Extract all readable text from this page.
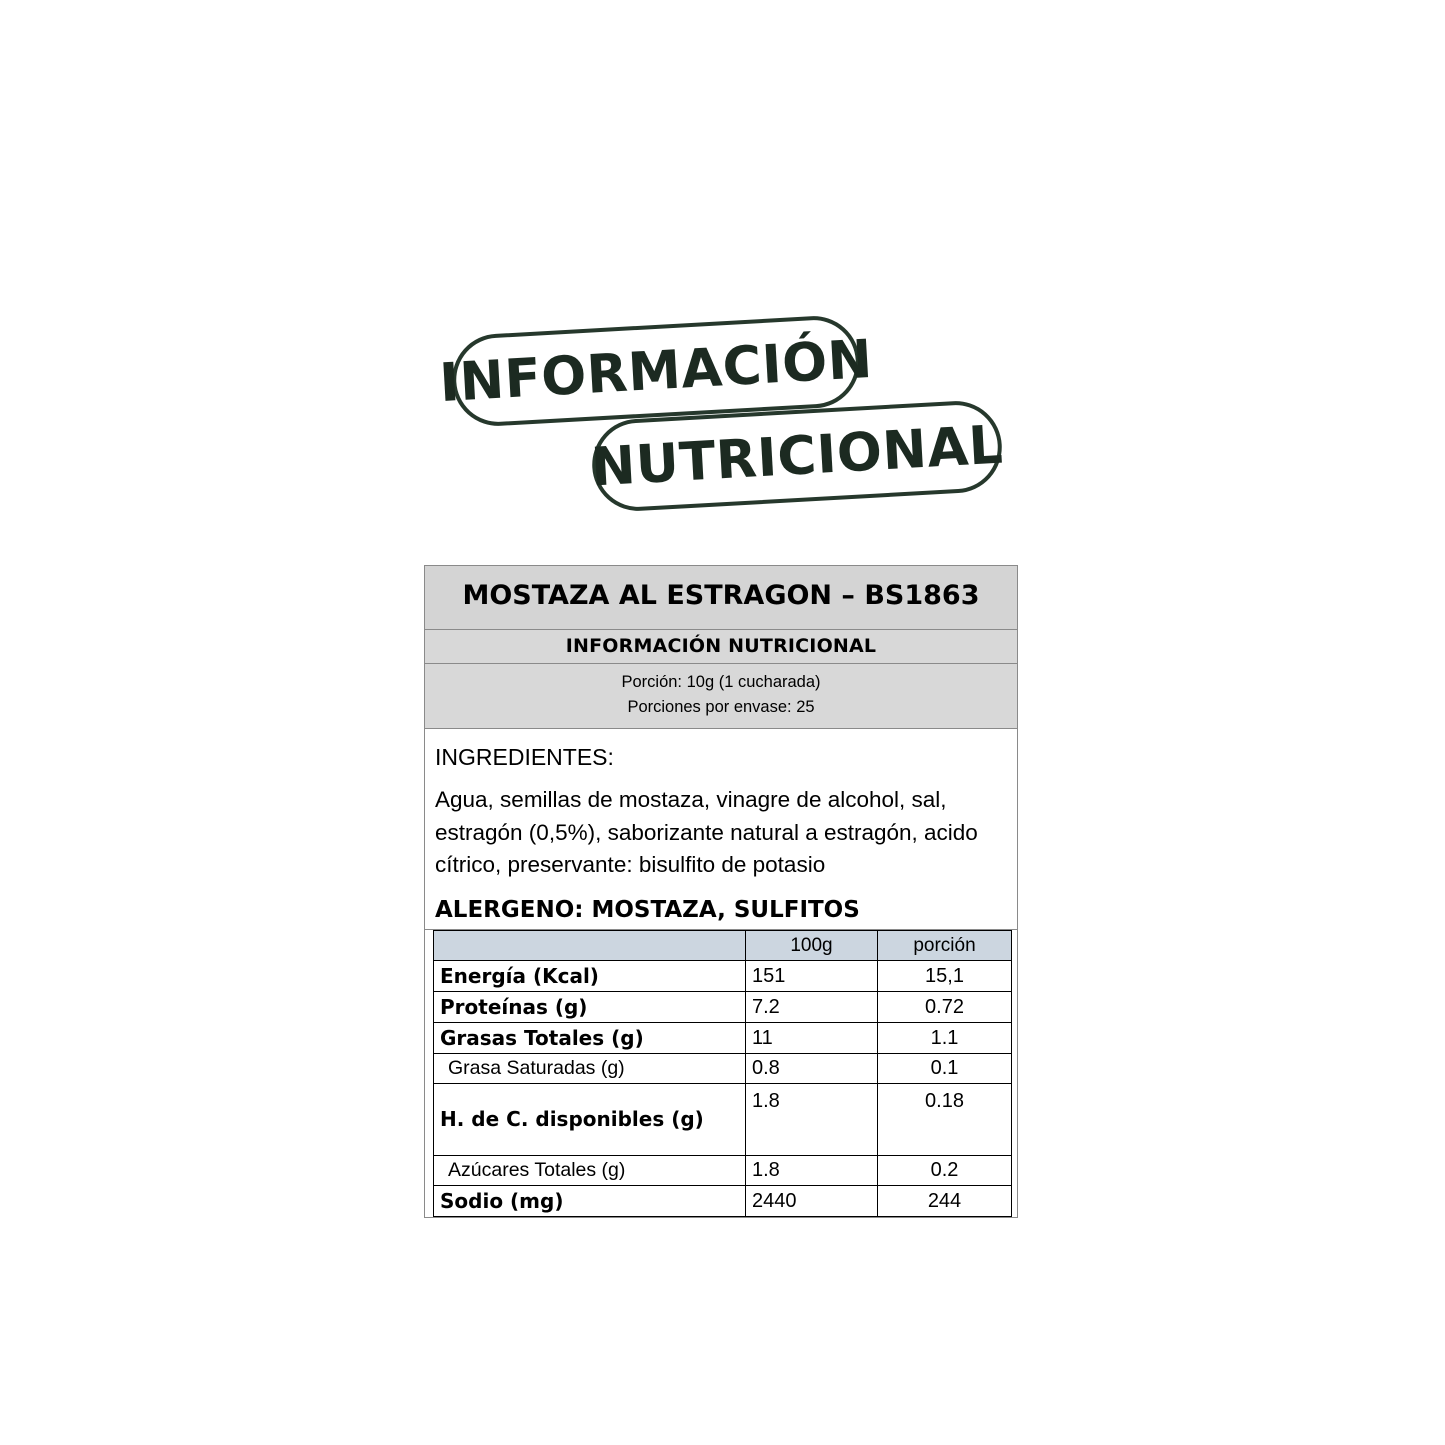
INFORMACIÓN
NUTRICIONAL
MOSTAZA AL ESTRAGON – BS1863
INFORMACIÓN NUTRICIONAL
Porción: 10g (1 cucharada)
Porciones por envase: 25
INGREDIENTES:
Agua, semillas de mostaza, vinagre de alcohol, sal, estragón (0,5%), saborizante natural a estragón, acido cítrico, preservante: bisulfito de potasio
ALERGENO: MOSTAZA, SULFITOS
	100g	porción
Energía (Kcal)	151	15,1
Proteínas (g)	7.2	0.72
Grasas Totales (g)	11	1.1
Grasa Saturadas (g)	0.8	0.1
H. de C. disponibles (g)	1.8	0.18
Azúcares Totales (g)	1.8	0.2
Sodio (mg)	2440	244
